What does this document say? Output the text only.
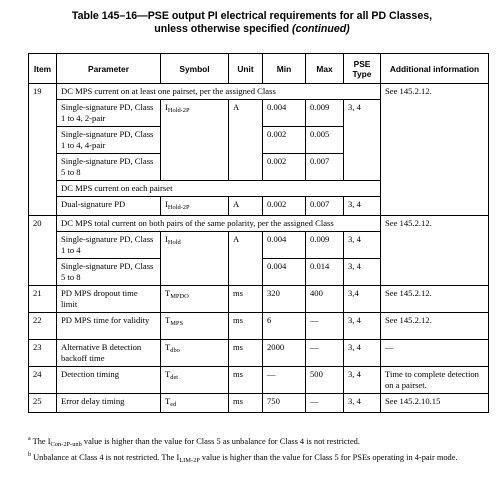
Table 145–16—PSE output PI electrical requirements for all PD Classes,
unless otherwise specified (continued)
Item	Parameter	Symbol	Unit	Min	Max	PSE Type	Additional information
19	DC MPS current on at least one pairset, per the assigned Class						See 145.2.12.
	Single-signature PD, Class 1 to 4, 2-pair	$I_{Hold-2P}$	A	0.004	0.009	3, 4	
	Single-signature PD, Class 1 to 4, 4-pair			0.002	0.005		
	Single-signature PD, Class 5 to 8			0.002	0.007		
	DC MPS current on each pairset						
	Dual-signature PD	$I_{Hold-2P}$	A	0.002	0.007	3, 4	
20	DC MPS total current on both pairs of the same polarity, per the assigned Class						See 145.2.12.
	Single-signature PD, Class 1 to 4	$I_{Hold}$	A	0.004	0.009	3, 4	
	Single-signature PD, Class 5 to 8			0.004	0.014	3, 4	
21	PD MPS dropout time limit	$T_{MPDO}$	ms	320	400	3,4	See 145.2.12.
22	PD MPS time for validity	$T_{MPS}$	ms	6	—	3, 4	See 145.2.12.
23	Alternative B detection backoff time	$T_{dbo}$	ms	2000	—	3, 4	—
24	Detection timing	$T_{det}$	ms	—	500	3, 4	Time to complete detection on a pairset.
25	Error delay timing	$T_{ed}$	ms	750	—	3, 4	See 145.2.10.15

$^a$ The $I_{Con-2P-unb}$ value is higher than the value for Class 5 as unbalance for Class 4 is not restricted.

$^b$ Unbalance at Class 4 is not restricted. The $I_{LIM-2P}$ value is higher than the value for Class 5 for PSEs operating in 4-pair mode.
